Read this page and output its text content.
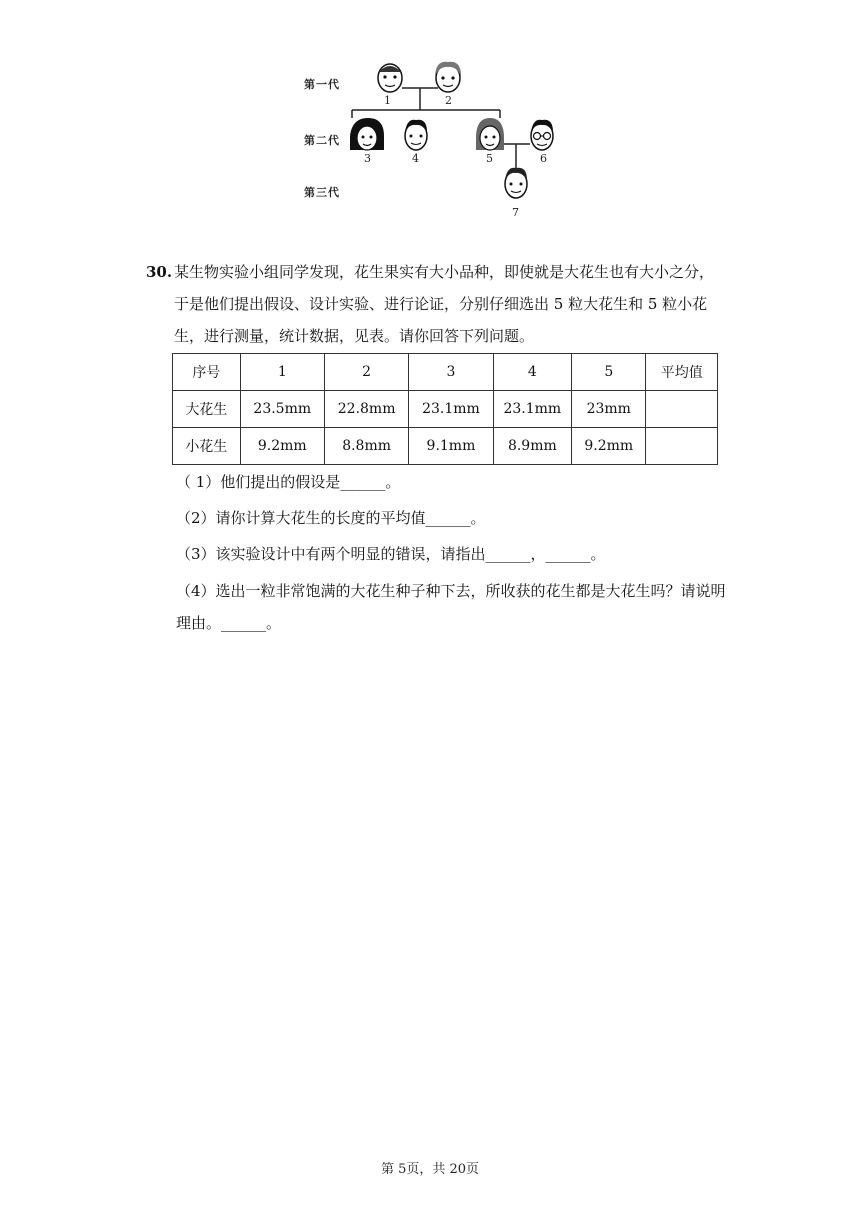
第一代
第二代
第三代
1	2
3	4	5	6
7
30. 某生物实验小组同学发现，花生果实有大小品种，即使就是大花生也有大小之分，于是他们提出假设、设计实验、进行论证，分别仔细选出 5 粒大花生和 5 粒小花生，进行测量，统计数据，见表。请你回答下列问题。
序号	1	2	3	4	5	平均值
大花生	23.5mm	22.8mm	23.1mm	23.1mm	23mm	
小花生	9.2mm	8.8mm	9.1mm	8.9mm	9.2mm	
（ 1）他们提出的假设是______。
（2）请你计算大花生的长度的平均值______。
（3）该实验设计中有两个明显的错误，请指出______，______。
（4）选出一粒非常饱满的大花生种子种下去，所收获的花生都是大花生吗？请说明理由。______。
第 5页，共 20页
